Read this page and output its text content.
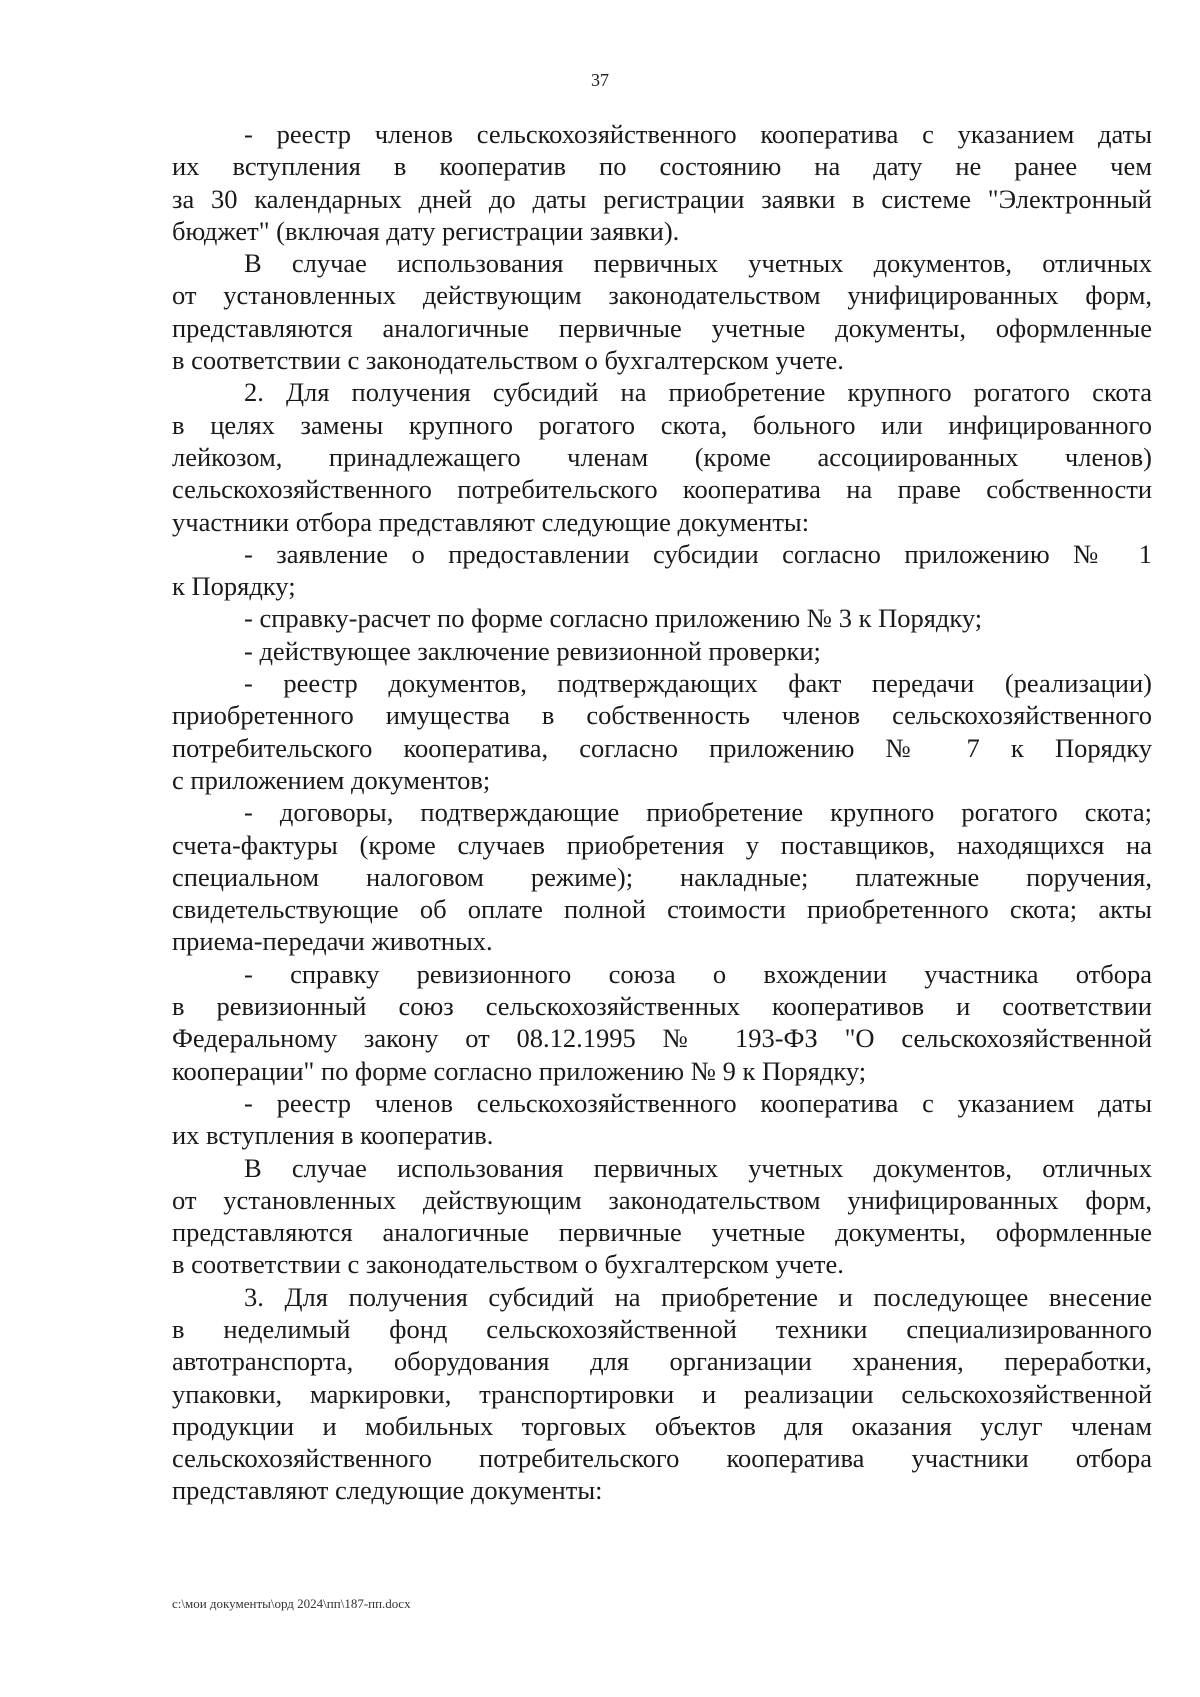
37
- реестр членов сельскохозяйственного кооператива с указанием даты
их вступления в кооператив по состоянию на дату не ранее чем
за 30 календарных дней до даты регистрации заявки в системе "Электронный
бюджет" (включая дату регистрации заявки).
В случае использования первичных учетных документов, отличных
от установленных действующим законодательством унифицированных форм,
представляются аналогичные первичные учетные документы, оформленные
в соответствии с законодательством о бухгалтерском учете.
2. Для получения субсидий на приобретение крупного рогатого скота
в целях замены крупного рогатого скота, больного или инфицированного
лейкозом, принадлежащего членам (кроме ассоциированных членов)
сельскохозяйственного потребительского кооператива на праве собственности
участники отбора представляют следующие документы:
- заявление о предоставлении субсидии согласно приложению № 1
к Порядку;
- справку-расчет по форме согласно приложению № 3 к Порядку;
- действующее заключение ревизионной проверки;
- реестр документов, подтверждающих факт передачи (реализации)
приобретенного имущества в собственность членов сельскохозяйственного
потребительского кооператива, согласно приложению № 7 к Порядку
с приложением документов;
- договоры, подтверждающие приобретение крупного рогатого скота;
счета-фактуры (кроме случаев приобретения у поставщиков, находящихся на
специальном налоговом режиме); накладные; платежные поручения,
свидетельствующие об оплате полной стоимости приобретенного скота; акты
приема-передачи животных.
- справку ревизионного союза о вхождении участника отбора
в ревизионный союз сельскохозяйственных кооперативов и соответствии
Федеральному закону от 08.12.1995 № 193-ФЗ "О сельскохозяйственной
кооперации" по форме согласно приложению № 9 к Порядку;
- реестр членов сельскохозяйственного кооператива с указанием даты
их вступления в кооператив.
В случае использования первичных учетных документов, отличных
от установленных действующим законодательством унифицированных форм,
представляются аналогичные первичные учетные документы, оформленные
в соответствии с законодательством о бухгалтерском учете.
3. Для получения субсидий на приобретение и последующее внесение
в неделимый фонд сельскохозяйственной техники специализированного
автотранспорта, оборудования для организации хранения, переработки,
упаковки, маркировки, транспортировки и реализации сельскохозяйственной
продукции и мобильных торговых объектов для оказания услуг членам
сельскохозяйственного потребительского кооператива участники отбора
представляют следующие документы:
c:\мои документы\орд 2024\пп\187-пп.docx
